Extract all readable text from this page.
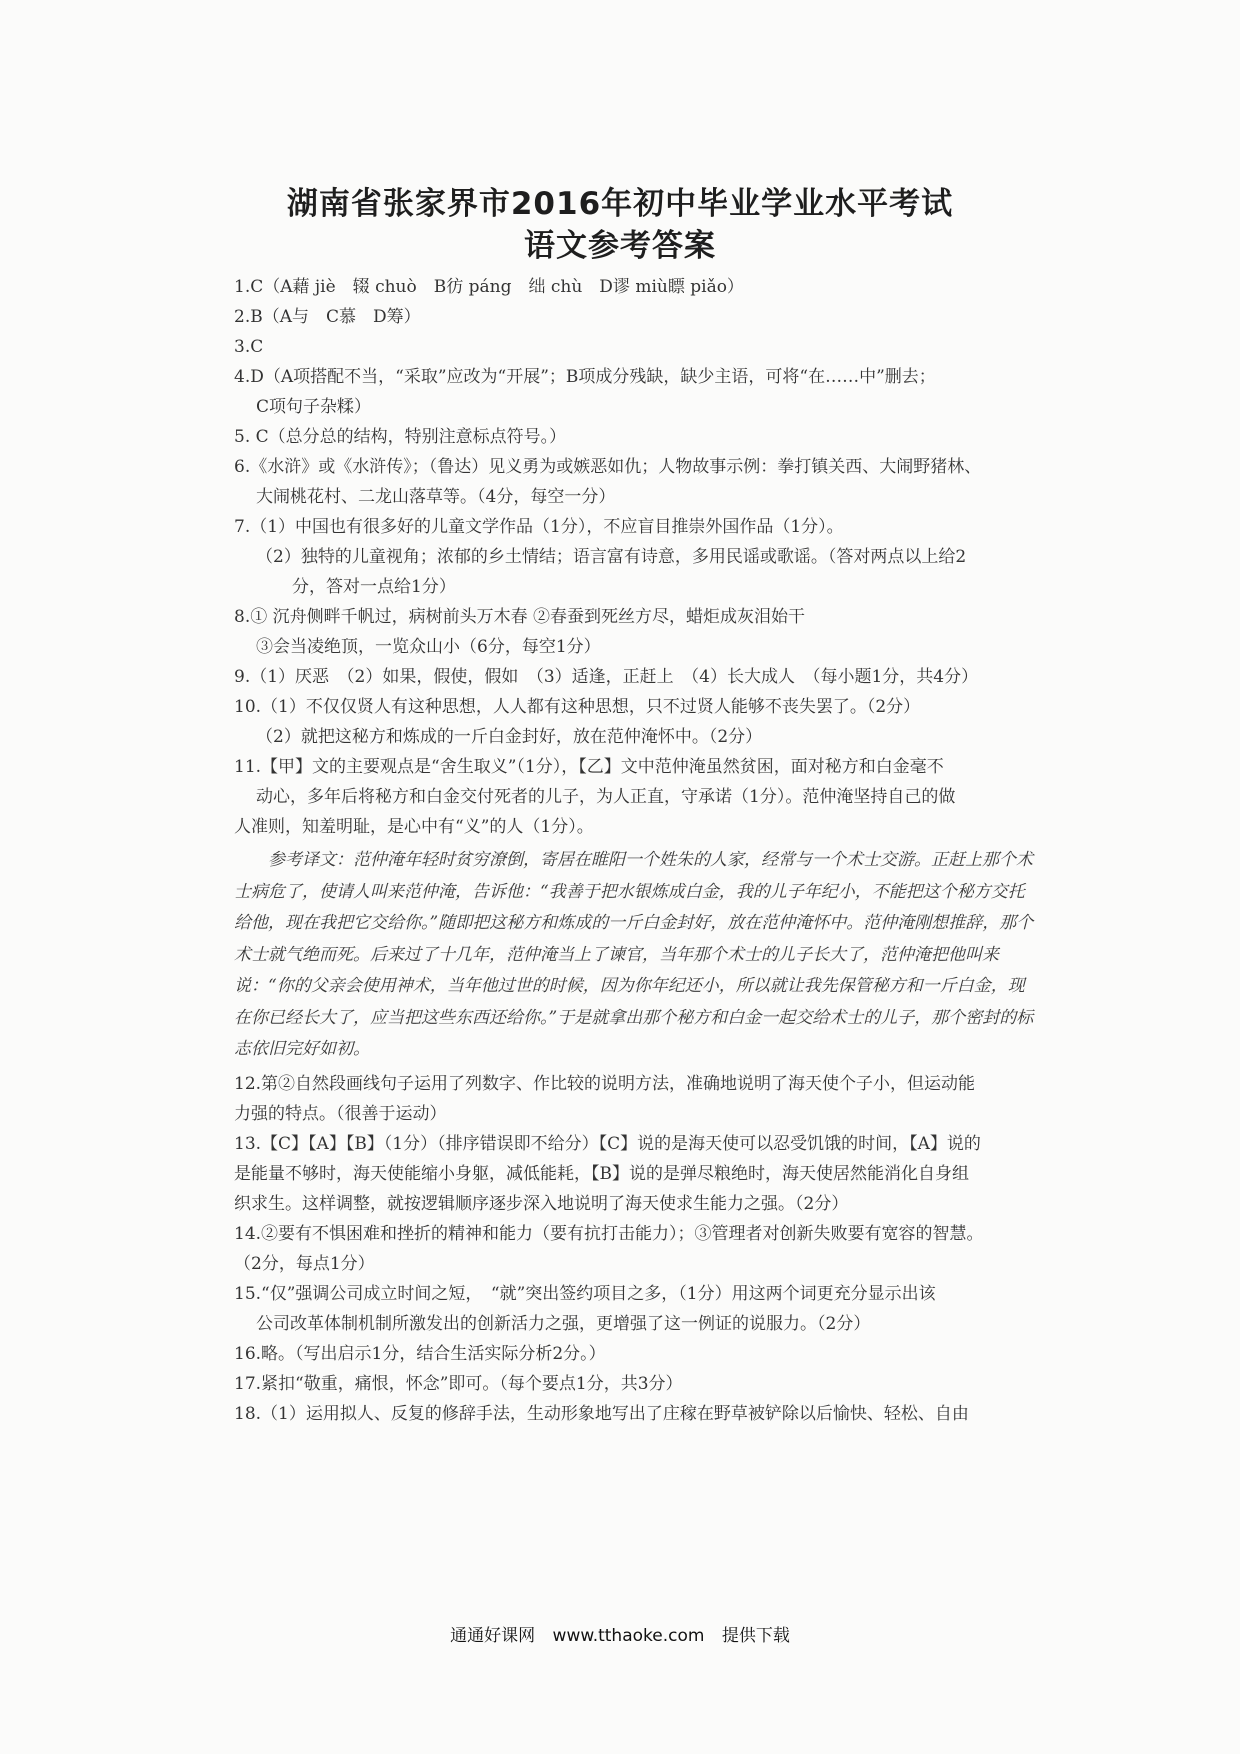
湖南省张家界市2016年初中毕业学业水平考试
语文参考答案

1.C（A藉 jiè　辍 chuò　B彷 páng　绌 chù　D谬 miù瞟 piǎo）

2.B（A与　C慕　D筹）

3.C

4.D（A项搭配不当，“采取”应改为“开展”；B项成分残缺，缺少主语，可将“在……中”删去；

C项句子杂糅）

5. C（总分总的结构，特别注意标点符号。）

6.《水浒》或《水浒传》；（鲁达）见义勇为或嫉恶如仇；人物故事示例：拳打镇关西、大闹野猪林、

大闹桃花村、二龙山落草等。（4分，每空一分）

7.（1）中国也有很多好的儿童文学作品（1分），不应盲目推崇外国作品（1分）。

（2）独特的儿童视角；浓郁的乡土情结；语言富有诗意，多用民谣或歌谣。（答对两点以上给2

分，答对一点给1分）

8.① 沉舟侧畔千帆过，病树前头万木春 ②春蚕到死丝方尽，蜡炬成灰泪始干

③会当凌绝顶，一览众山小（6分，每空1分）

9.（1）厌恶　（2）如果，假使，假如　（3）适逢，正赶上　（4）长大成人　（每小题1分，共4分）

10.（1）不仅仅贤人有这种思想，人人都有这种思想，只不过贤人能够不丧失罢了。（2分）

（2）就把这秘方和炼成的一斤白金封好，放在范仲淹怀中。（2分）

11.【甲】文的主要观点是“舍生取义”（1分），【乙】文中范仲淹虽然贫困，面对秘方和白金毫不

动心，多年后将秘方和白金交付死者的儿子，为人正直，守承诺（1分）。范仲淹坚持自己的做

人准则，知羞明耻，是心中有“义”的人（1分）。

参考译文：范仲淹年轻时贫穷潦倒，寄居在睢阳一个姓朱的人家，经常与一个术士交游。正赶上那个术士病危了，使请人叫来范仲淹，告诉他：“我善于把水银炼成白金，我的儿子年纪小，不能把这个秘方交托给他，现在我把它交给你。”随即把这秘方和炼成的一斤白金封好，放在范仲淹怀中。范仲淹刚想推辞，那个术士就气绝而死。后来过了十几年，范仲淹当上了谏官，当年那个术士的儿子长大了，范仲淹把他叫来说：“你的父亲会使用神术，当年他过世的时候，因为你年纪还小，所以就让我先保管秘方和一斤白金，现在你已经长大了，应当把这些东西还给你。”于是就拿出那个秘方和白金一起交给术士的儿子，那个密封的标志依旧完好如初。

12.第②自然段画线句子运用了列数字、作比较的说明方法，准确地说明了海天使个子小，但运动能

力强的特点。（很善于运动）

13.【C】【A】【B】（1分）（排序错误即不给分）【C】说的是海天使可以忍受饥饿的时间，【A】说的

是能量不够时，海天使能缩小身躯，减低能耗，【B】说的是弹尽粮绝时，海天使居然能消化自身组

织求生。这样调整，就按逻辑顺序逐步深入地说明了海天使求生能力之强。（2分）

14.②要有不惧困难和挫折的精神和能力（要有抗打击能力）；③管理者对创新失败要有宽容的智慧。

（2分，每点1分）

15.“仅”强调公司成立时间之短，　“就”突出签约项目之多，（1分）用这两个词更充分显示出该

公司改革体制机制所激发出的创新活力之强，更增强了这一例证的说服力。（2分）

16.略。（写出启示1分，结合生活实际分析2分。）

17.紧扣“敬重，痛恨，怀念”即可。（每个要点1分，共3分）

18.（1）运用拟人、反复的修辞手法，生动形象地写出了庄稼在野草被铲除以后愉快、轻松、自由

通通好课网 www.tthaoke.com 提供下载
